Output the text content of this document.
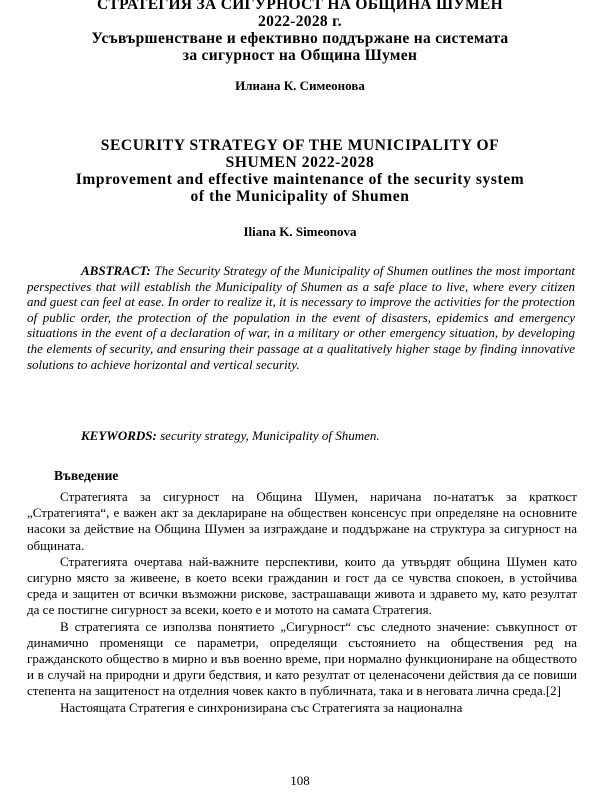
СТРАТЕГИЯ ЗА СИГУРНОСТ НА ОБЩИНА ШУМЕН

2022-2028 г.

Усъвършенстване и ефективно поддържане на системата

за сигурност на Община Шумен

Илиана К. Симеонова

SECURITY STRATEGY OF THE MUNICIPALITY OF

SHUMEN 2022-2028

Improvement and effective maintenance of the security system

of the Municipality of Shumen

Iliana K. Simeonova

ABSTRACT: The Security Strategy of the Municipality of Shumen outlines the most important perspectives that will establish the Municipality of Shumen as a safe place to live, where every citizen and guest can feel at ease. In order to realize it, it is necessary to improve the activities for the protection of public order, the protection of the population in the event of disasters, epidemics and emergency situations in the event of a declaration of war, in a military or other emergency situation, by developing the elements of security, and ensuring their passage at a qualitatively higher stage by finding innovative solutions to achieve horizontal and vertical security.

KEYWORDS: security strategy, Municipality of Shumen.

Въведение

Стратегията за сигурност на Община Шумен, наричана по-нататък за краткост „Стратегията“, е важен акт за деклариране на обществен консенсус при определяне на основните насоки за действие на Община Шумен за изграждане и поддържане на структура за сигурност на общината.

Стратегията очертава най-важните перспективи, които да утвърдят община Шумен като сигурно място за живеене, в което всеки гражданин и гост да се чувства спокоен, в устойчива среда и защитен от всички възможни рискове, застрашаващи живота и здравето му, като резултат да се постигне сигурност за всеки, което е и мотото на самата Стратегия.

В стратегията се използва понятието „Сигурност“ със следното значение: съвкупност от динамично променящи се параметри, определящи състоянието на обществения ред на гражданското общество в мирно и във военно време, при нормално функциониране на обществото и в случай на природни и други бедствия, и като резултат от целенасочени действия да се повиши степента на защитеност на отделния човек както в публичната, така и в неговата лична среда.[2]

Настоящата Стратегия е синхронизирана със Стратегията за национална

108
